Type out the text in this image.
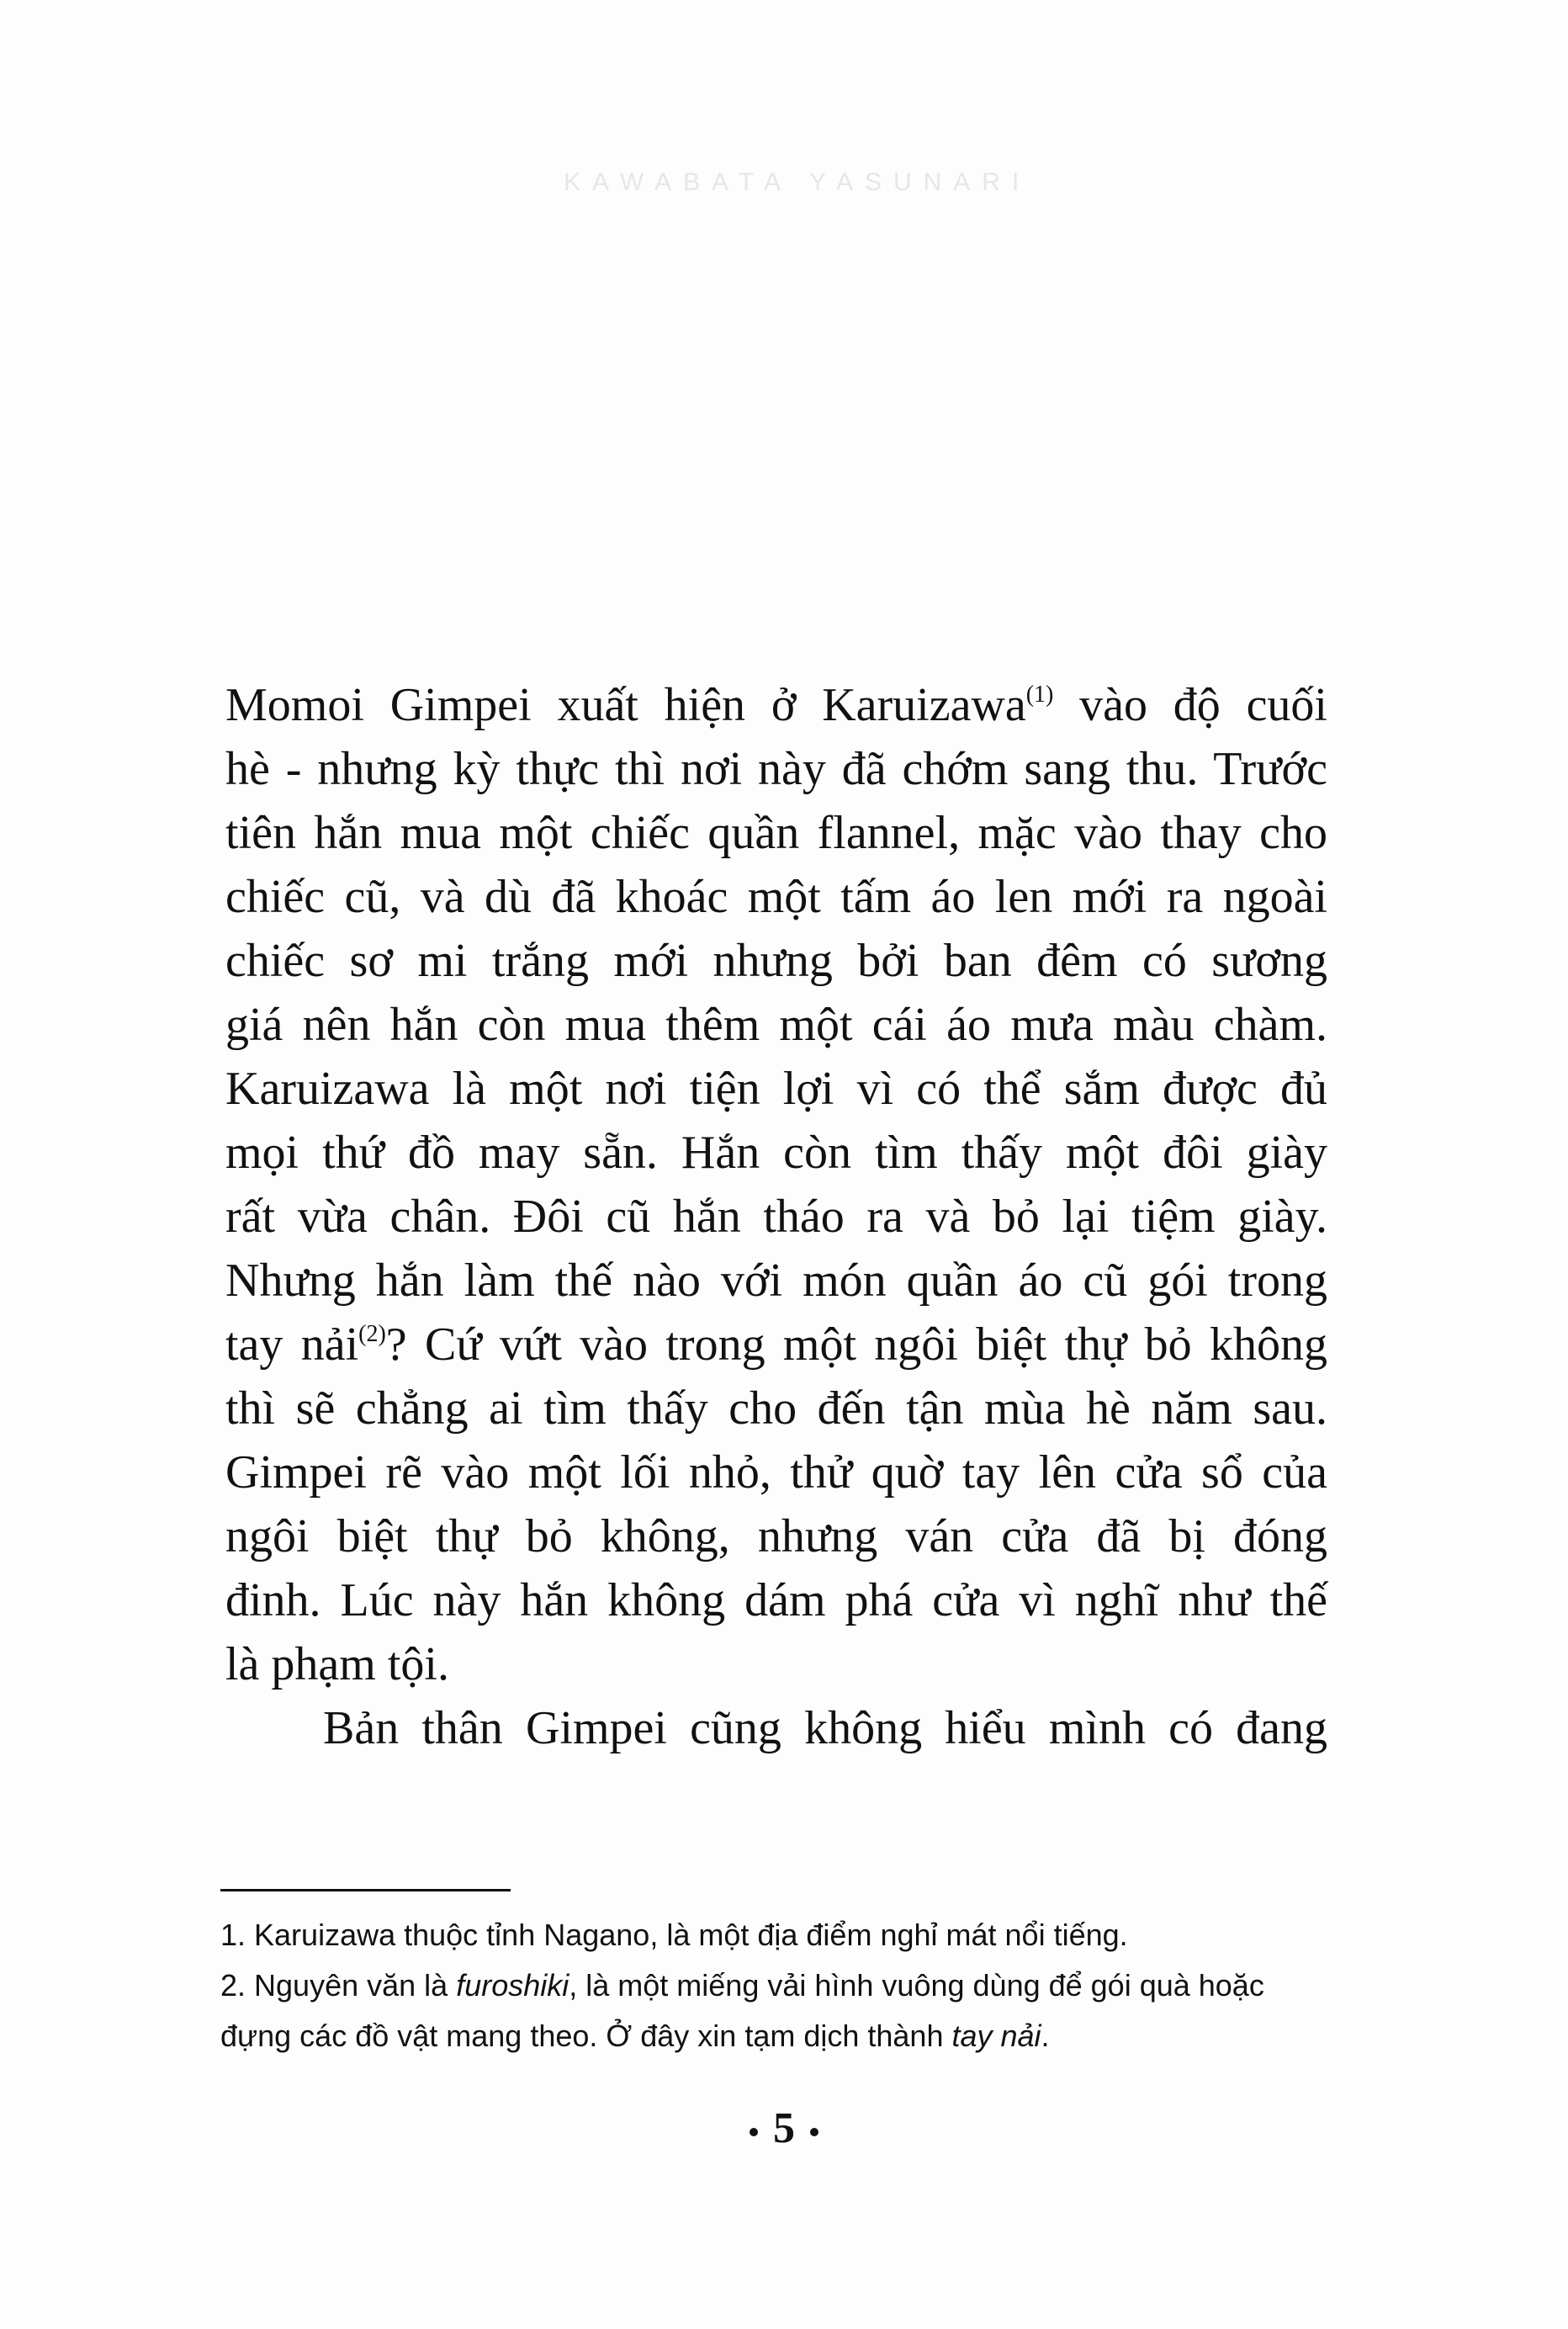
KAWABATA YASUNARI
Momoi Gimpei xuất hiện ở Karuizawa$^{(1)}$ vào độ cuối
hè - nhưng kỳ thực thì nơi này đã chớm sang thu. Trước
tiên hắn mua một chiếc quần flannel, mặc vào thay cho
chiếc cũ, và dù đã khoác một tấm áo len mới ra ngoài
chiếc sơ mi trắng mới nhưng bởi ban đêm có sương
giá nên hắn còn mua thêm một cái áo mưa màu chàm.
Karuizawa là một nơi tiện lợi vì có thể sắm được đủ
mọi thứ đồ may sẵn. Hắn còn tìm thấy một đôi giày
rất vừa chân. Đôi cũ hắn tháo ra và bỏ lại tiệm giày.
Nhưng hắn làm thế nào với món quần áo cũ gói trong
tay nải$^{(2)}$? Cứ vứt vào trong một ngôi biệt thự bỏ không
thì sẽ chẳng ai tìm thấy cho đến tận mùa hè năm sau.
Gimpei rẽ vào một lối nhỏ, thử quờ tay lên cửa sổ của
ngôi biệt thự bỏ không, nhưng ván cửa đã bị đóng
đinh. Lúc này hắn không dám phá cửa vì nghĩ như thế
là phạm tội.
Bản thân Gimpei cũng không hiểu mình có đang
1. Karuizawa thuộc tỉnh Nagano, là một địa điểm nghỉ mát nổi tiếng.
2. Nguyên văn là furoshiki, là một miếng vải hình vuông dùng để gói quà hoặc
đựng các đồ vật mang theo. Ở đây xin tạm dịch thành tay nải.
5
